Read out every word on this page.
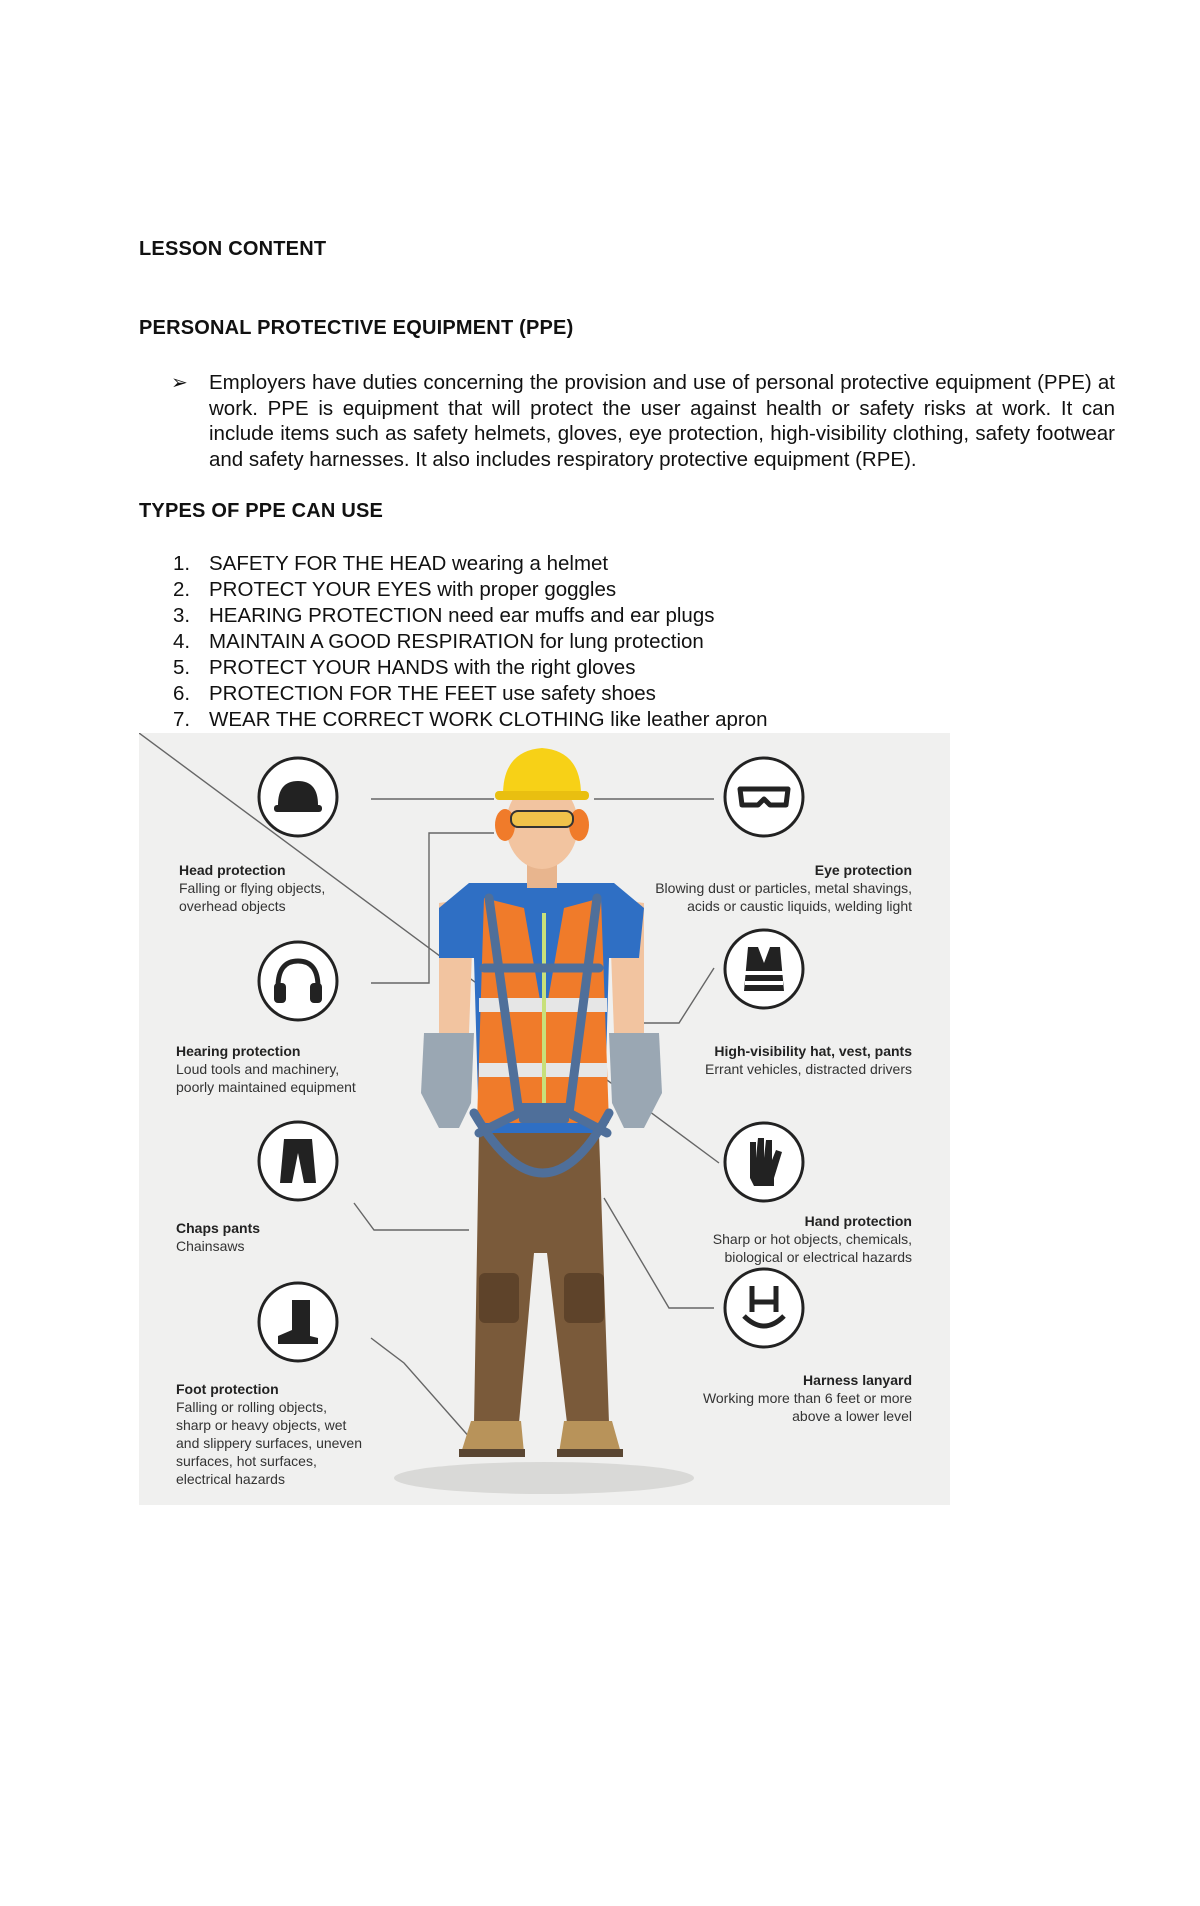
LESSON CONTENT
PERSONAL PROTECTIVE EQUIPMENT (PPE)
➢ Employers have duties concerning the provision and use of personal protective equipment (PPE) at work. PPE is equipment that will protect the user against health or safety risks at work. It can include items such as safety helmets, gloves, eye protection, high-visibility clothing, safety footwear and safety harnesses. It also includes respiratory protective equipment (RPE).

TYPES OF PPE CAN USE
1. SAFETY FOR THE HEAD wearing a helmet
2. PROTECT YOUR EYES with proper goggles
3. HEARING PROTECTION need ear muffs and ear plugs
4. MAINTAIN A GOOD RESPIRATION for lung protection
5. PROTECT YOUR HANDS with the right gloves
6. PROTECTION FOR THE FEET use safety shoes
7. WEAR THE CORRECT WORK CLOTHING like leather apron
Head protection
Falling or flying objects,
overhead objects
Hearing protection
Loud tools and machinery,
poorly maintained equipment
Chaps pants
Chainsaws
Foot protection
Falling or rolling objects,
sharp or heavy objects, wet
and slippery surfaces, uneven
surfaces, hot surfaces,
electrical hazards
Eye protection
Blowing dust or particles, metal shavings,
acids or caustic liquids, welding light
High-visibility hat, vest, pants
Errant vehicles, distracted drivers
Hand protection
Sharp or hot objects, chemicals,
biological or electrical hazards
Harness lanyard
Working more than 6 feet or more
above a lower level
